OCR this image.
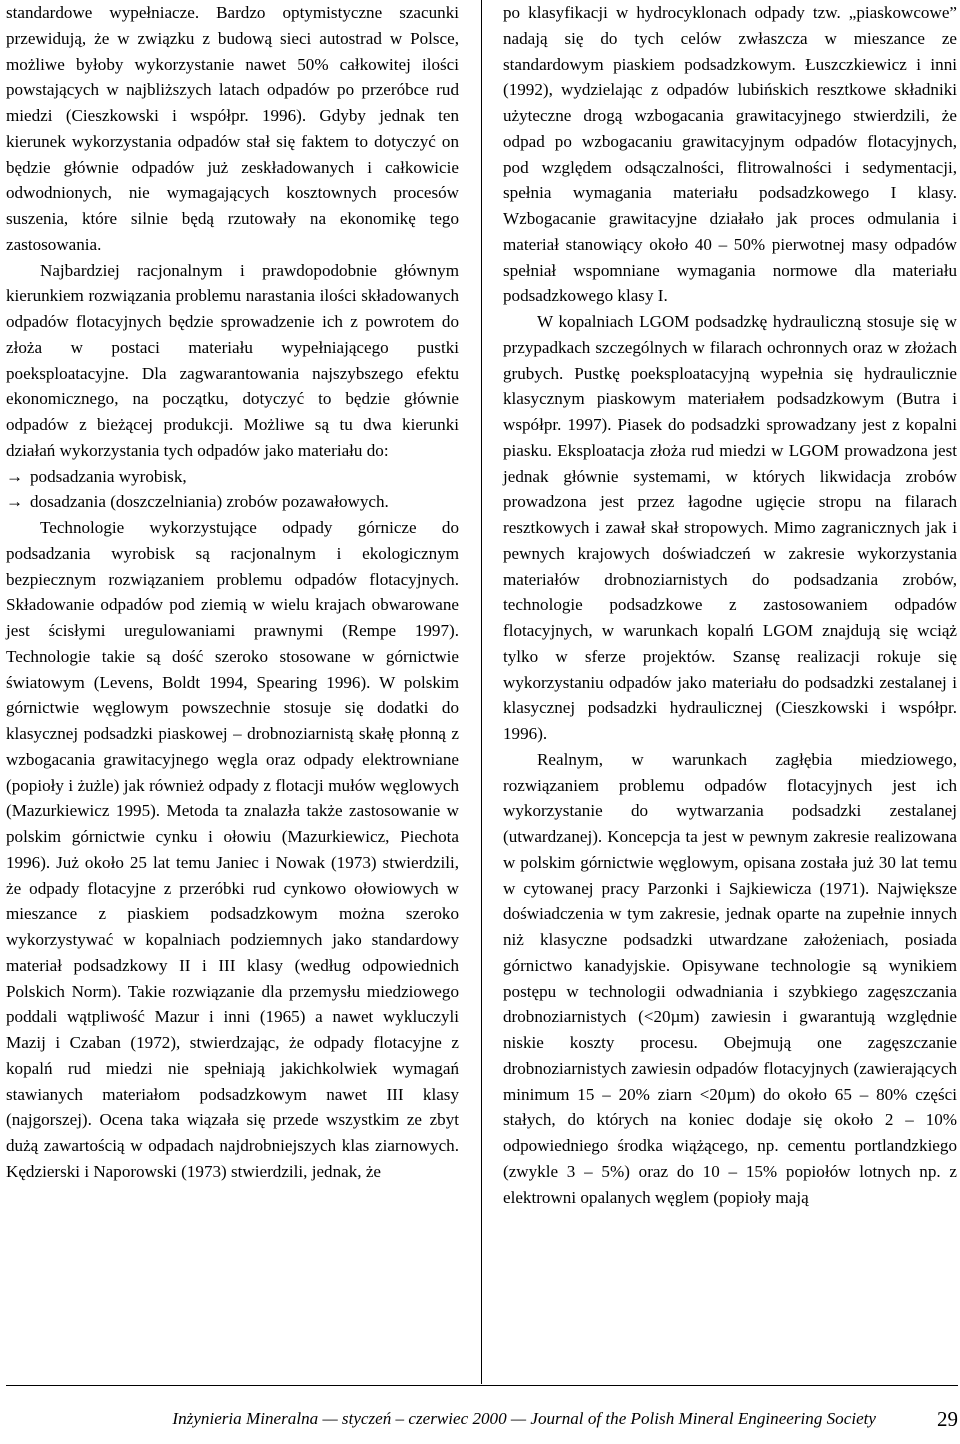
standardowe wypełniacze. Bardzo optymistyczne szacunki przewidują, że w związku z budową sieci autostrad w Polsce, możliwe byłoby wykorzystanie nawet 50% całkowitej ilości powstających w najbliższych latach odpadów po przeróbce rud miedzi (Cieszkowski i współpr. 1996). Gdyby jednak ten kierunek wykorzystania odpadów stał się faktem to dotyczyć on będzie głównie odpadów już zeskładowanych i całkowicie odwodnionych, nie wymagających kosztownych procesów suszenia, które silnie będą rzutowały na ekonomikę tego zastosowania.

Najbardziej racjonalnym i prawdopodobnie głównym kierunkiem rozwiązania problemu narastania ilości składowanych odpadów flotacyjnych będzie sprowadzenie ich z powrotem do złoża w postaci materiału wypełniającego pustki poeksploatacyjne. Dla zagwarantowania najszybszego efektu ekonomicznego, na początku, dotyczyć to będzie głównie odpadów z bieżącej produkcji. Możliwe są tu dwa kierunki działań wykorzystania tych odpadów jako materiału do:

→ podsadzania wyrobisk,

→ dosadzania (doszczelniania) zrobów pozawałowych.

Technologie wykorzystujące odpady górnicze do podsadzania wyrobisk są racjonalnym i ekologicznym bezpiecznym rozwiązaniem problemu odpadów flotacyjnych. Składowanie odpadów pod ziemią w wielu krajach obwarowane jest ścisłymi uregulowaniami prawnymi (Rempe 1997). Technologie takie są dość szeroko stosowane w górnictwie światowym (Levens, Boldt 1994, Spearing 1996). W polskim górnictwie węglowym powszechnie stosuje się dodatki do klasycznej podsadzki piaskowej – drobnoziarnistą skałę płonną z wzbogacania grawitacyjnego węgla oraz odpady elektrowniane (popioły i żużle) jak również odpady z flotacji mułów węglowych (Mazurkiewicz 1995). Metoda ta znalazła także zastosowanie w polskim górnictwie cynku i ołowiu (Mazurkiewicz, Piechota 1996). Już około 25 lat temu Janiec i Nowak (1973) stwierdzili, że odpady flotacyjne z przeróbki rud cynkowo ołowiowych w mieszance z piaskiem podsadzkowym można szeroko wykorzystywać w kopalniach podziemnych jako standardowy materiał podsadzkowy II i III klasy (według odpowiednich Polskich Norm). Takie rozwiązanie dla przemysłu miedziowego poddali wątpliwość Mazur i inni (1965) a nawet wykluczyli Mazij i Czaban (1972), stwierdzając, że odpady flotacyjne z kopalń rud miedzi nie spełniają jakichkolwiek wymagań stawianych materiałom podsadzkowym nawet III klasy (najgorszej). Ocena taka wiązała się przede wszystkim ze zbyt dużą zawartością w odpadach najdrobniejszych klas ziarnowych. Kędzierski i Naporowski (1973) stwierdzili, jednak, że

po klasyfikacji w hydrocyklonach odpady tzw. „piaskowcowe” nadają się do tych celów zwłaszcza w mieszance ze standardowym piaskiem podsadzkowym. Łuszczkiewicz i inni (1992), wydzielając z odpadów lubińskich resztkowe składniki użyteczne drogą wzbogacania grawitacyjnego stwierdzili, że odpad po wzbogacaniu grawitacyjnym odpadów flotacyjnych, pod względem odsączalności, flitrowalności i sedymentacji, spełnia wymagania materiału podsadzkowego I klasy. Wzbogacanie grawitacyjne działało jak proces odmulania i materiał stanowiący około 40 – 50% pierwotnej masy odpadów spełniał wspomniane wymagania normowe dla materiału podsadzkowego klasy I.

W kopalniach LGOM podsadzkę hydrauliczną stosuje się w przypadkach szczególnych w filarach ochronnych oraz w złożach grubych. Pustkę poeksploatacyjną wypełnia się hydraulicznie klasycznym piaskowym materiałem podsadzkowym (Butra i współpr. 1997). Piasek do podsadzki sprowadzany jest z kopalni piasku. Eksploatacja złoża rud miedzi w LGOM prowadzona jest jednak głównie systemami, w których likwidacja zrobów prowadzona jest przez łagodne ugięcie stropu na filarach resztkowych i zawał skał stropowych. Mimo zagranicznych jak i pewnych krajowych doświadczeń w zakresie wykorzystania materiałów drobnoziarnistych do podsadzania zrobów, technologie podsadzkowe z zastosowaniem odpadów flotacyjnych, w warunkach kopalń LGOM znajdują się wciąż tylko w sferze projektów. Szansę realizacji rokuje się wykorzystaniu odpadów jako materiału do podsadzki zestalanej i klasycznej podsadzki hydraulicznej (Cieszkowski i współpr. 1996).

Realnym, w warunkach zagłębia miedziowego, rozwiązaniem problemu odpadów flotacyjnych jest ich wykorzystanie do wytwarzania podsadzki zestalanej (utwardzanej). Koncepcja ta jest w pewnym zakresie realizowana w polskim górnictwie węglowym, opisana została już 30 lat temu w cytowanej pracy Parzonki i Sajkiewicza (1971). Największe doświadczenia w tym zakresie, jednak oparte na zupełnie innych niż klasyczne podsadzki utwardzane założeniach, posiada górnictwo kanadyjskie. Opisywane technologie są wynikiem postępu w technologii odwadniania i szybkiego zagęszczania drobnoziarnistych (<20µm) zawiesin i gwarantują względnie niskie koszty procesu. Obejmują one zagęszczanie drobnoziarnistych zawiesin odpadów flotacyjnych (zawierających minimum 15 – 20% ziarn <20µm) do około 65 – 80% części stałych, do których na koniec dodaje się około 2 – 10% odpowiedniego środka wiążącego, np. cementu portlandzkiego (zwykle 3 – 5%) oraz do 10 – 15% popiołów lotnych np. z elektrowni opalanych węglem (popioły mają

Inżynieria Mineralna — styczeń – czerwiec 2000 — Journal of the Polish Mineral Engineering Society	29
